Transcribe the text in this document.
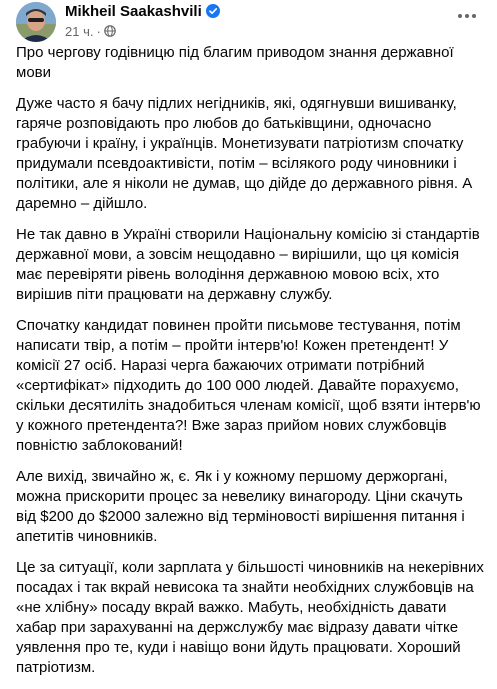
Mikheil Saakashvili
21 ч. ·

Про чергову годівницю під благим приводом знання державної мови

Дуже часто я бачу підлих негідників, які, одягнувши вишиванку, гаряче розповідають про любов до батьківщини, одночасно грабуючи і країну, і українців. Монетизувати патріотизм спочатку придумали псевдоактивісти, потім – всілякого роду чиновники і політики, але я ніколи не думав, що дійде до державного рівня. А даремно – дійшло.

Не так давно в Україні створили Національну комісію зі стандартів державної мови, а зовсім нещодавно – вирішили, що ця комісія має перевіряти рівень володіння державною мовою всіх, хто вирішив піти працювати на державну службу.

Спочатку кандидат повинен пройти письмове тестування, потім написати твір, а потім – пройти інтерв'ю! Кожен претендент! У комісії 27 осіб. Наразі черга бажаючих отримати потрібний «сертифікат» підходить до 100 000 людей. Давайте порахуємо, скільки десятиліть знадобиться членам комісії, щоб взяти інтерв'ю у кожного претендента?! Вже зараз прийом нових службовців повністю заблокований!

Але вихід, звичайно ж, є. Як і у кожному першому держоргані, можна прискорити процес за невелику винагороду. Ціни скачуть від $200 до $2000 залежно від терміновості вирішення питання і апетитів чиновників.

Це за ситуації, коли зарплата у більшості чиновників на некерівних посадах і так вкрай невисока та знайти необхідних службовців на «не хлібну» посаду вкрай важко. Мабуть, необхідність давати хабар при зарахуванні на держслужбу має відразу давати чітке уявлення про те, куди і навіщо вони йдуть працювати. Хороший патріотизм.
